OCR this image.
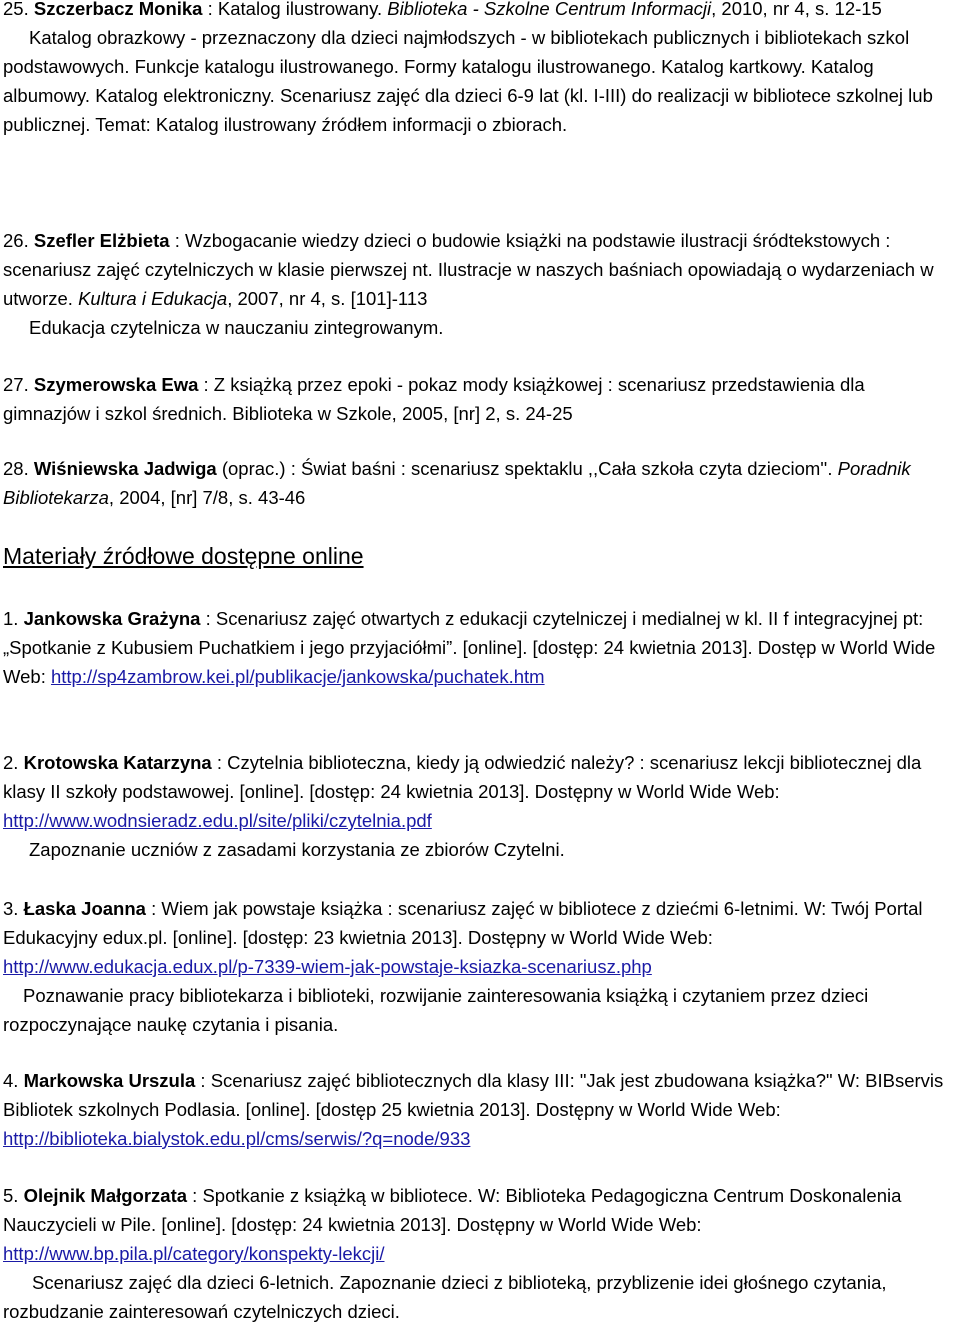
25. Szczerbacz Monika : Katalog ilustrowany. Biblioteka - Szkolne Centrum Informacji, 2010, nr 4, s. 12-15

Katalog obrazkowy - przeznaczony dla dzieci najmłodszych - w bibliotekach publicznych i bibliotekach szkol podstawowych. Funkcje katalogu ilustrowanego. Formy katalogu ilustrowanego. Katalog kartkowy. Katalog albumowy. Katalog elektroniczny. Scenariusz zajęć dla dzieci 6-9 lat (kl. I-III) do realizacji w bibliotece szkolnej lub publicznej. Temat: Katalog ilustrowany źródłem informacji o zbiorach.

26. Szefler Elżbieta : Wzbogacanie wiedzy dzieci o budowie książki na podstawie ilustracji śródtekstowych : scenariusz zajęć czytelniczych w klasie pierwszej nt. Ilustracje w naszych baśniach opowiadają o wydarzeniach w utworze. Kultura i Edukacja, 2007, nr 4, s. [101]-113

Edukacja czytelnicza w nauczaniu zintegrowanym.

27. Szymerowska Ewa : Z książką przez epoki - pokaz mody książkowej : scenariusz przedstawienia dla gimnazjów i szkol średnich. Biblioteka w Szkole, 2005, [nr] 2, s. 24-25

28. Wiśniewska Jadwiga (oprac.) : Świat baśni : scenariusz spektaklu ,,Cała szkoła czyta dzieciom''. Poradnik Bibliotekarza, 2004, [nr] 7/8, s. 43-46

Materiały źródłowe dostępne online

1. Jankowska Grażyna : Scenariusz zajęć otwartych z edukacji czytelniczej i medialnej w kl. II f integracyjnej pt: „Spotkanie z Kubusiem Puchatkiem i jego przyjaciółmi”. [online]. [dostęp: 24 kwietnia 2013]. Dostęp w World Wide Web: http://sp4zambrow.kei.pl/publikacje/jankowska/puchatek.htm

2. Krotowska Katarzyna : Czytelnia biblioteczna, kiedy ją odwiedzić należy? : scenariusz lekcji bibliotecznej dla klasy II szkoły podstawowej. [online]. [dostęp: 24 kwietnia 2013]. Dostępny w World Wide Web: http://www.wodnsieradz.edu.pl/site/pliki/czytelnia.pdf

Zapoznanie uczniów z zasadami korzystania ze zbiorów Czytelni.

3. Łaska Joanna : Wiem jak powstaje książka : scenariusz zajęć w bibliotece z dziećmi 6-letnimi. W: Twój Portal Edukacyjny edux.pl. [online]. [dostęp: 23 kwietnia 2013]. Dostępny w World Wide Web: http://www.edukacja.edux.pl/p-7339-wiem-jak-powstaje-ksiazka-scenariusz.php

Poznawanie pracy bibliotekarza i biblioteki, rozwijanie zainteresowania książką i czytaniem przez dzieci rozpoczynające naukę czytania i pisania.

4. Markowska Urszula : Scenariusz zajęć bibliotecznych dla klasy III: "Jak jest zbudowana książka?" W: BIBservis Bibliotek szkolnych Podlasia. [online]. [dostęp 25 kwietnia 2013]. Dostępny w World Wide Web: http://biblioteka.bialystok.edu.pl/cms/serwis/?q=node/933

5. Olejnik Małgorzata : Spotkanie z książką w bibliotece. W: Biblioteka Pedagogiczna Centrum Doskonalenia Nauczycieli w Pile. [online]. [dostęp: 24 kwietnia 2013]. Dostępny w World Wide Web: http://www.bp.pila.pl/category/konspekty-lekcji/

Scenariusz zajęć dla dzieci 6-letnich. Zapoznanie dzieci z biblioteką, przyblizenie idei głośnego czytania, rozbudzanie zainteresowań czytelniczych dzieci.
